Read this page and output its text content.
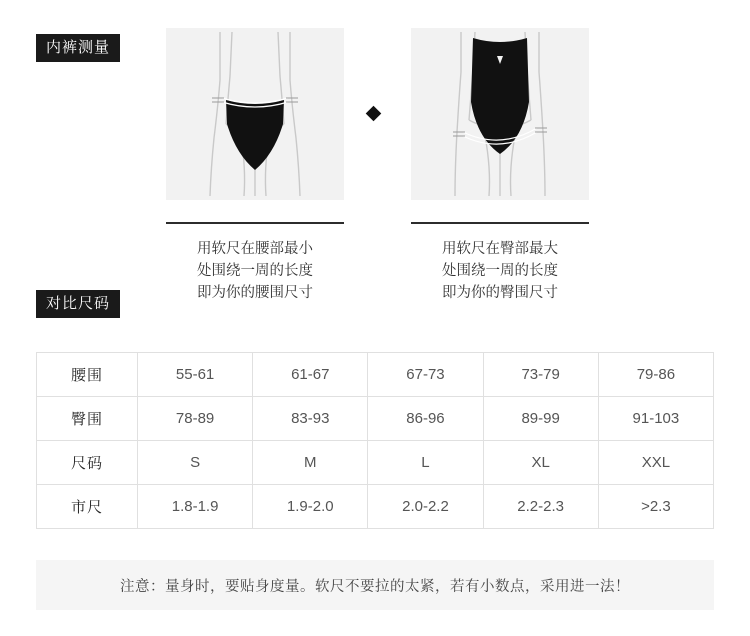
内裤测量
用软尺在腰部最小
处围绕一周的长度
即为你的腰围尺寸
用软尺在臀部最大
处围绕一周的长度
即为你的臀围尺寸
对比尺码
腰围	55-61	61-67	67-73	73-79	79-86
臀围	78-89	83-93	86-96	89-99	91-103
尺码	S	M	L	XL	XXL
市尺	1.8-1.9	1.9-2.0	2.0-2.2	2.2-2.3	>2.3
注意：量身时，要贴身度量。软尺不要拉的太紧，若有小数点，采用进一法！
